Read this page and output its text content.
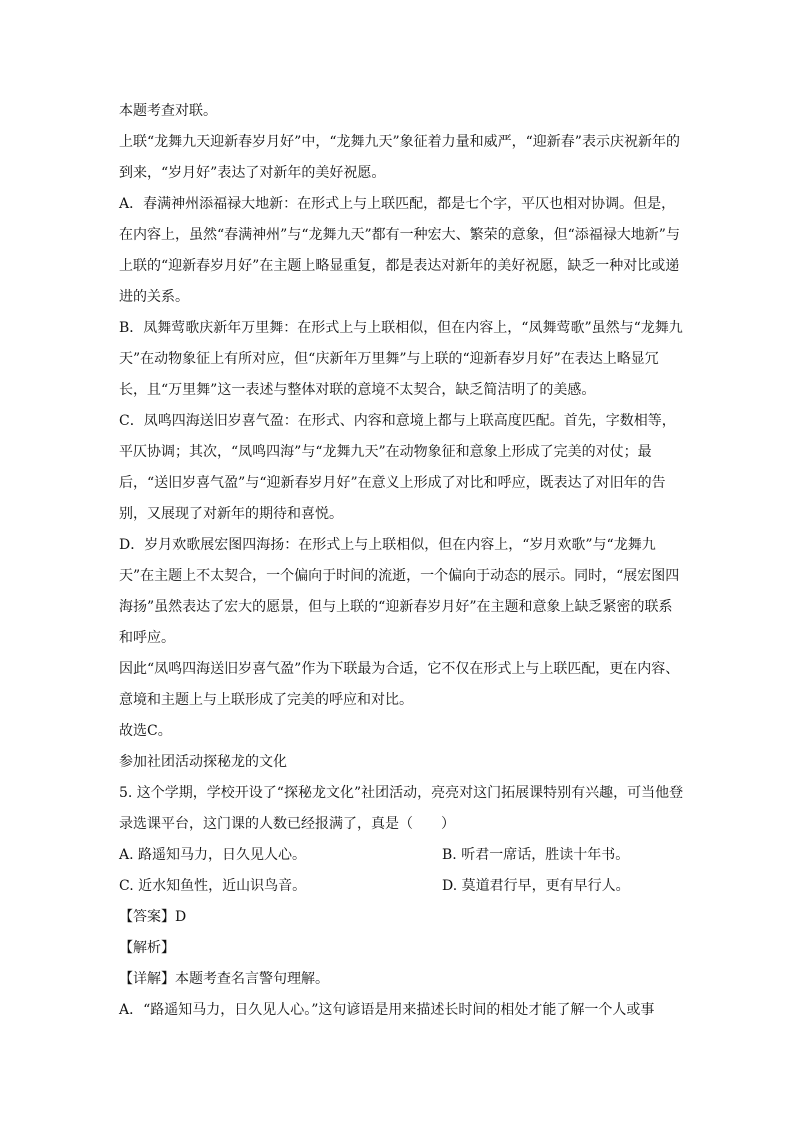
本题考查对联。

上联“龙舞九天迎新春岁月好”中，“龙舞九天”象征着力量和威严，“迎新春”表示庆祝新年的到来，“岁月好”表达了对新年的美好祝愿。

A．春满神州添福禄大地新：在形式上与上联匹配，都是七个字，平仄也相对协调。但是，在内容上，虽然“春满神州”与“龙舞九天”都有一种宏大、繁荣的意象，但“添福禄大地新”与上联的“迎新春岁月好”在主题上略显重复，都是表达对新年的美好祝愿，缺乏一种对比或递进的关系。

B．凤舞莺歌庆新年万里舞：在形式上与上联相似，但在内容上，“凤舞莺歌”虽然与“龙舞九天”在动物象征上有所对应，但“庆新年万里舞”与上联的“迎新春岁月好”在表达上略显冗长，且“万里舞”这一表述与整体对联的意境不太契合，缺乏简洁明了的美感。

C．凤鸣四海送旧岁喜气盈：在形式、内容和意境上都与上联高度匹配。首先，字数相等，平仄协调；其次，“凤鸣四海”与“龙舞九天”在动物象征和意象上形成了完美的对仗；最后，“送旧岁喜气盈”与“迎新春岁月好”在意义上形成了对比和呼应，既表达了对旧年的告别，又展现了对新年的期待和喜悦。

D．岁月欢歌展宏图四海扬：在形式上与上联相似，但在内容上，“岁月欢歌”与“龙舞九天”在主题上不太契合，一个偏向于时间的流逝，一个偏向于动态的展示。同时，“展宏图四海扬”虽然表达了宏大的愿景，但与上联的“迎新春岁月好”在主题和意象上缺乏紧密的联系和呼应。

因此“凤鸣四海送旧岁喜气盈”作为下联最为合适，它不仅在形式上与上联匹配，更在内容、意境和主题上与上联形成了完美的呼应和对比。

故选C。

参加社团活动探秘龙的文化

5. 这个学期，学校开设了“探秘龙文化”社团活动，亮亮对这门拓展课特别有兴趣，可当他登录选课平台，这门课的人数已经报满了，真是（　　）

A. 路遥知马力，日久见人心。	B. 听君一席话，胜读十年书。
C. 近水知鱼性，近山识鸟音。	D. 莫道君行早，更有早行人。

【答案】D

【解析】

【详解】本题考查名言警句理解。

A．“路遥知马力，日久见人心。”这句谚语是用来描述长时间的相处才能了解一个人或事
